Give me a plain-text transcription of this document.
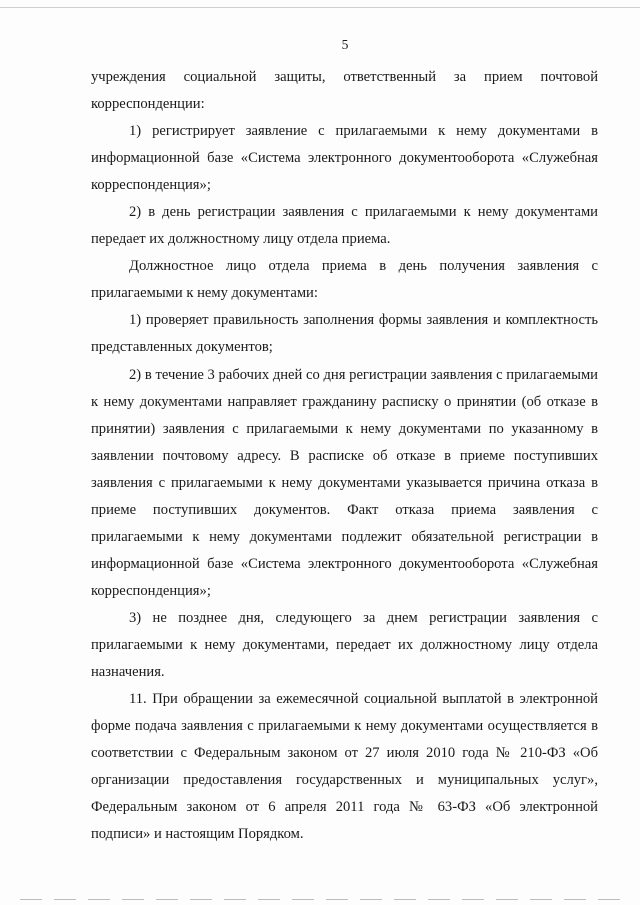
5

учреждения социальной защиты, ответственный за прием почтовой корреспонденции:

1) регистрирует заявление с прилагаемыми к нему документами в информационной базе «Система электронного документооборота «Служебная корреспонденция»;

2) в день регистрации заявления с прилагаемыми к нему документами передает их должностному лицу отдела приема.

Должностное лицо отдела приема в день получения заявления с прилагаемыми к нему документами:

1) проверяет правильность заполнения формы заявления и комплектность представленных документов;

2) в течение 3 рабочих дней со дня регистрации заявления с прилагаемыми к нему документами направляет гражданину расписку о принятии (об отказе в принятии) заявления с прилагаемыми к нему документами по указанному в заявлении почтовому адресу. В расписке об отказе в приеме поступивших заявления с прилагаемыми к нему документами указывается причина отказа в приеме поступивших документов. Факт отказа приема заявления с прилагаемыми к нему документами подлежит обязательной регистрации в информационной базе «Система электронного документооборота «Служебная корреспонденция»;

3) не позднее дня, следующего за днем регистрации заявления с прилагаемыми к нему документами, передает их должностному лицу отдела назначения.

11. При обращении за ежемесячной социальной выплатой в электронной форме подача заявления с прилагаемыми к нему документами осуществляется в соответствии с Федеральным законом от 27 июля 2010 года № 210-ФЗ «Об организации предоставления государственных и муниципальных услуг», Федеральным законом от 6 апреля 2011 года № 63-ФЗ «Об электронной подписи» и настоящим Порядком.
